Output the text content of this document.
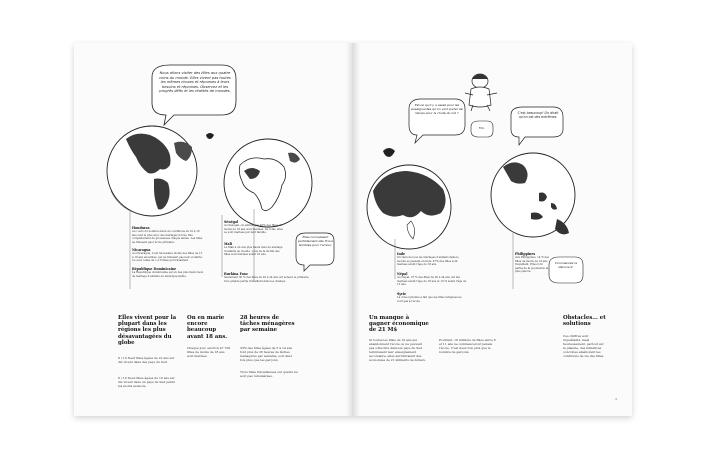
Nous allons visiter des filles aux quatre coins du monde. Elles vivent pas toutes les mêmes choses et réponses à leurs besoins et réponses. Observez et les progrès défis et les réalités de mondes.
Elles connaissent parfaitement des Trous terribles pour l'amour.
Honduras
Au cours du nombre élevé de conditions de 10 à 18 ans sont le plus avec des mariages forcés. Pas complètement de grossesses chaque année. Les filles ne finissent pas l'école primaire.
Nicaragua
Au Nicaragua, il est nécessaire moins des filles de 15 à 19 ans enceintes, qui ne finissent pas leur scolarité. Ce sont celles de 1 à 8 filles qui travaillent.
République Dominicaine
La République dominicaine est un des plus hauts taux de mariage d'enfants en Amérique latine.
Sénégal
Au Sénégal, on estime que 40% des filles de moins de 18 ans sont mariées. Au total, elles se sont mariées par leur famille.
Mali
Le Mali a un des plus hauts taux de mariage d'enfants au monde : plus de la moitié des filles sont mariées avant 18 ans.
Burkina Faso
Seulement 36 % des filles de 20 à 24 ans ont achevé le primaire. Une grande partie travaillent dans les champs.
Elles vivent pour la plupart dans les régions les plus désavantagées du globe
8 / 10 Neuf filles âgées de 10 ans sur dix vivent dans des pays du Sud.
8 / 10 Deux filles âgées de 10 ans sur dix vivent dans un pays du Sud parmi les moins avancés.
On en marie encore beaucoup avant 18 ans.
Chaque jour, environ 47 700 filles de moins de 18 ans sont mariées.
28 heures de tâches ménagères par semaine
33% des filles âgées de 5 à 14 ans font plus de 28 heures de tâches ménagères par semaine, soit deux fois plus que les garçons.
Trois filles travailleuses sur quatre ne sont pas rémunérées.
Est-ce qu'il y a assez pour les enseignantes qu'on vont parler de temps pour la chute du nid ?
Fini.
C'est beaucoup! On dirait qu'on est des extrêmes.
Commencez la découvrir.
Inde
Un tiers de tous les mariages d'enfants dans le monde se passent en Inde. 47% des filles sont mariées avant l'âge de 18 ans.
Népal
Au Népal, 37 % des filles de 20 à 24 ans ont été mariées avant l'âge de 18 ans et 10 % avant l'âge de 15 ans.
Syrie
La crise syrienne a fait que les filles réfugiées ne vont pas à l'école.
Philippines
Aux Philippines, 14 % des filles de moins de 18 ans travaillent. Elles font partie de la population la plus pauvre.
Un manque à gagner économique de 21 M$
Si toutes les filles de 10 ans qui abandonnent l'école ou ne peuvent pas s'inscrire dans les pays du Sud terminaient leur enseignement secondaire, elles enrichiraient des économies de 21 milliards de dollars.
Pourtant, 16 millions de filles entre 6 et 11 ans ne commenceront jamais l'école. C'est deux fois plus que le nombre de garçons.
Obstacles... et solutions
Ces chiffres sont inquiétants, mais heureusement, partout sur la planète, des initiatives concrètes améliorent les conditions de vie des filles.
3
